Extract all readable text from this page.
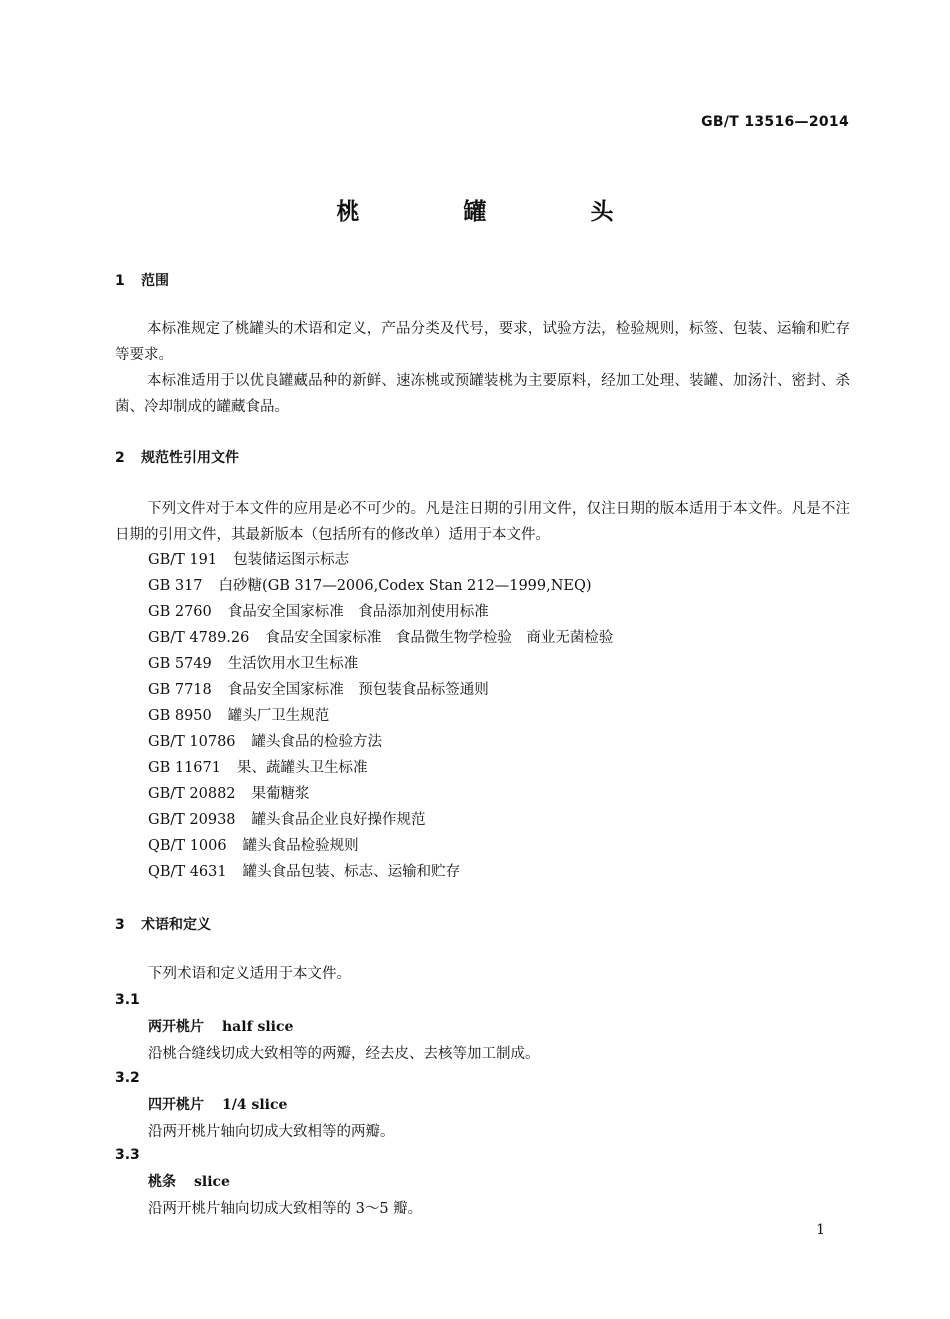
GB/T 13516—2014
桃 罐 头
1 范围
本标准规定了桃罐头的术语和定义，产品分类及代号，要求，试验方法，检验规则，标签、包装、运输和贮存等要求。
本标准适用于以优良罐藏品种的新鲜、速冻桃或预罐装桃为主要原料，经加工处理、装罐、加汤汁、密封、杀菌、冷却制成的罐藏食品。
2 规范性引用文件
下列文件对于本文件的应用是必不可少的。凡是注日期的引用文件，仅注日期的版本适用于本文件。凡是不注日期的引用文件，其最新版本（包括所有的修改单）适用于本文件。
GB/T 191 包装储运图示标志
GB 317 白砂糖(GB 317—2006,Codex Stan 212—1999,NEQ)
GB 2760 食品安全国家标准　食品添加剂使用标准
GB/T 4789.26 食品安全国家标准　食品微生物学检验　商业无菌检验
GB 5749 生活饮用水卫生标准
GB 7718 食品安全国家标准　预包装食品标签通则
GB 8950 罐头厂卫生规范
GB/T 10786 罐头食品的检验方法
GB 11671 果、蔬罐头卫生标准
GB/T 20882 果葡糖浆
GB/T 20938 罐头食品企业良好操作规范
QB/T 1006 罐头食品检验规则
QB/T 4631 罐头食品包装、标志、运输和贮存
3 术语和定义
下列术语和定义适用于本文件。
3.1
两开桃片 half slice
沿桃合缝线切成大致相等的两瓣，经去皮、去核等加工制成。
3.2
四开桃片 1/4 slice
沿两开桃片轴向切成大致相等的两瓣。
3.3
桃条 slice
沿两开桃片轴向切成大致相等的 3～5 瓣。
1
